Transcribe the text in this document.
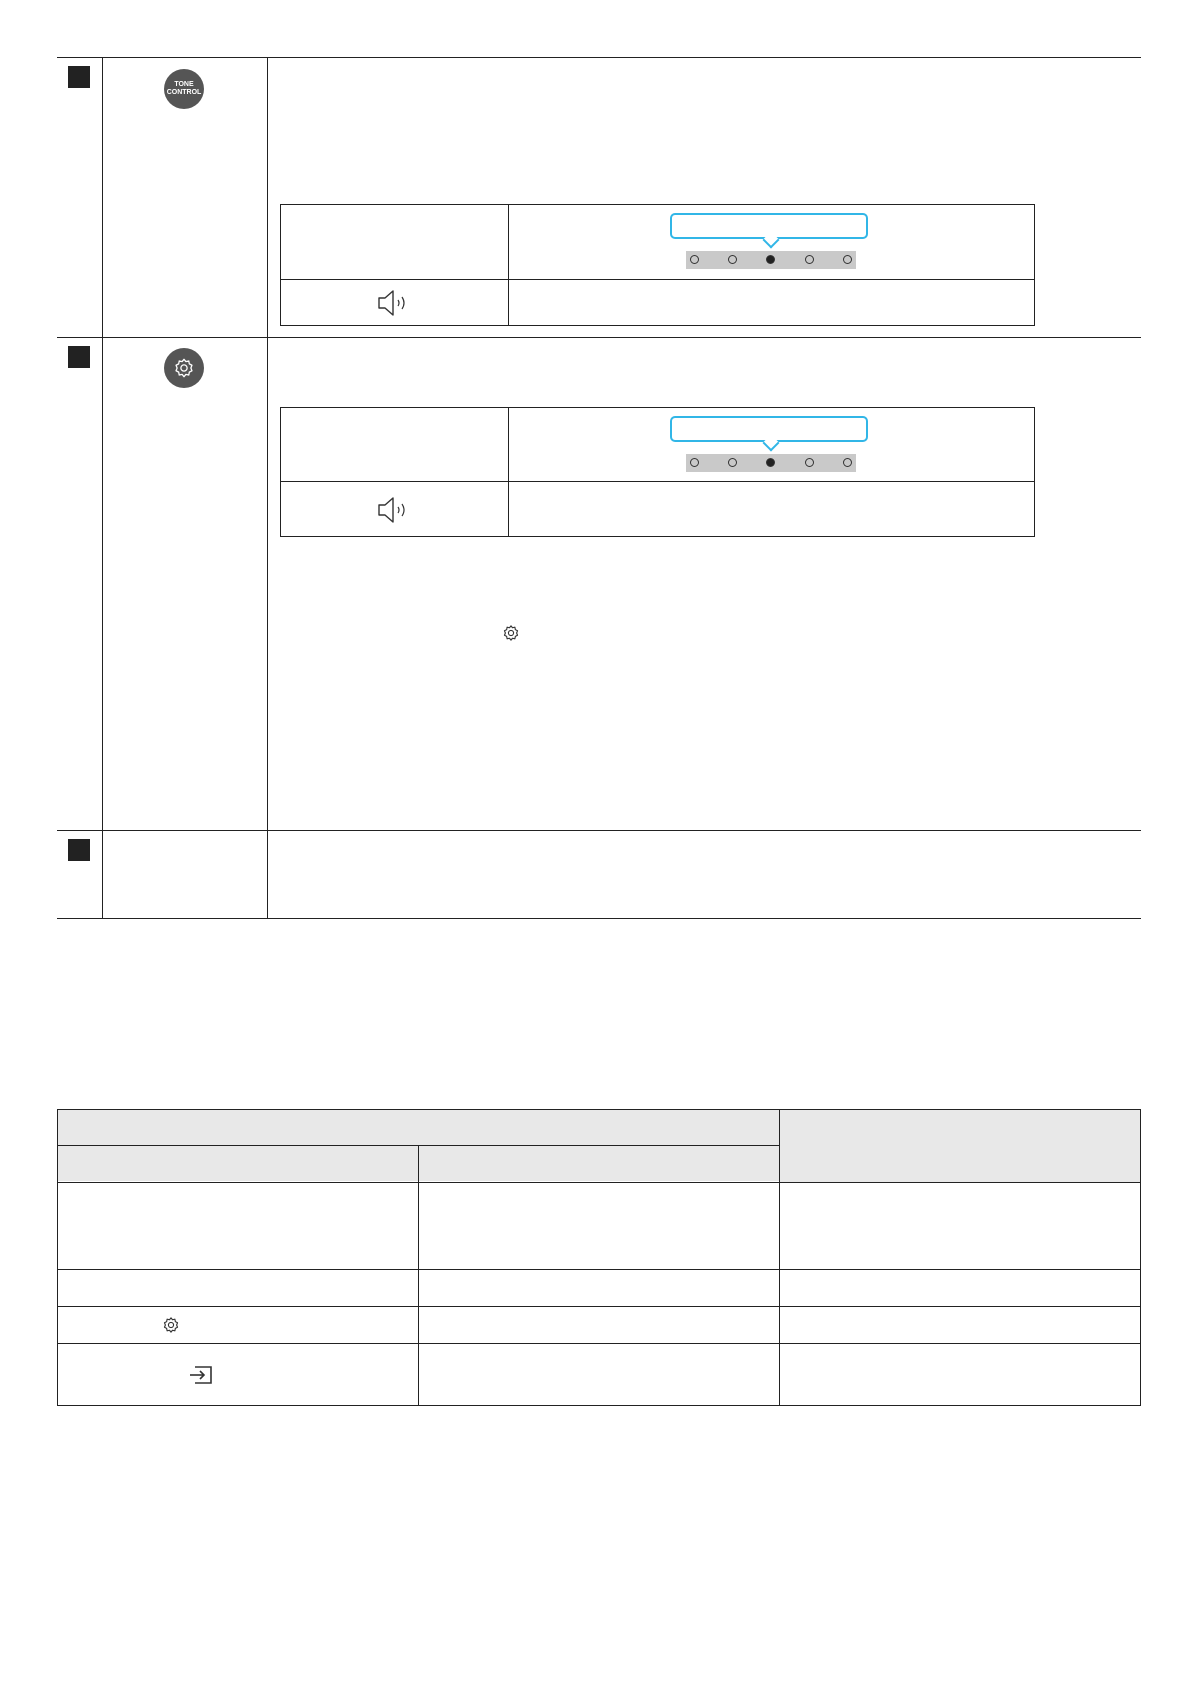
TONE
CONTROL
